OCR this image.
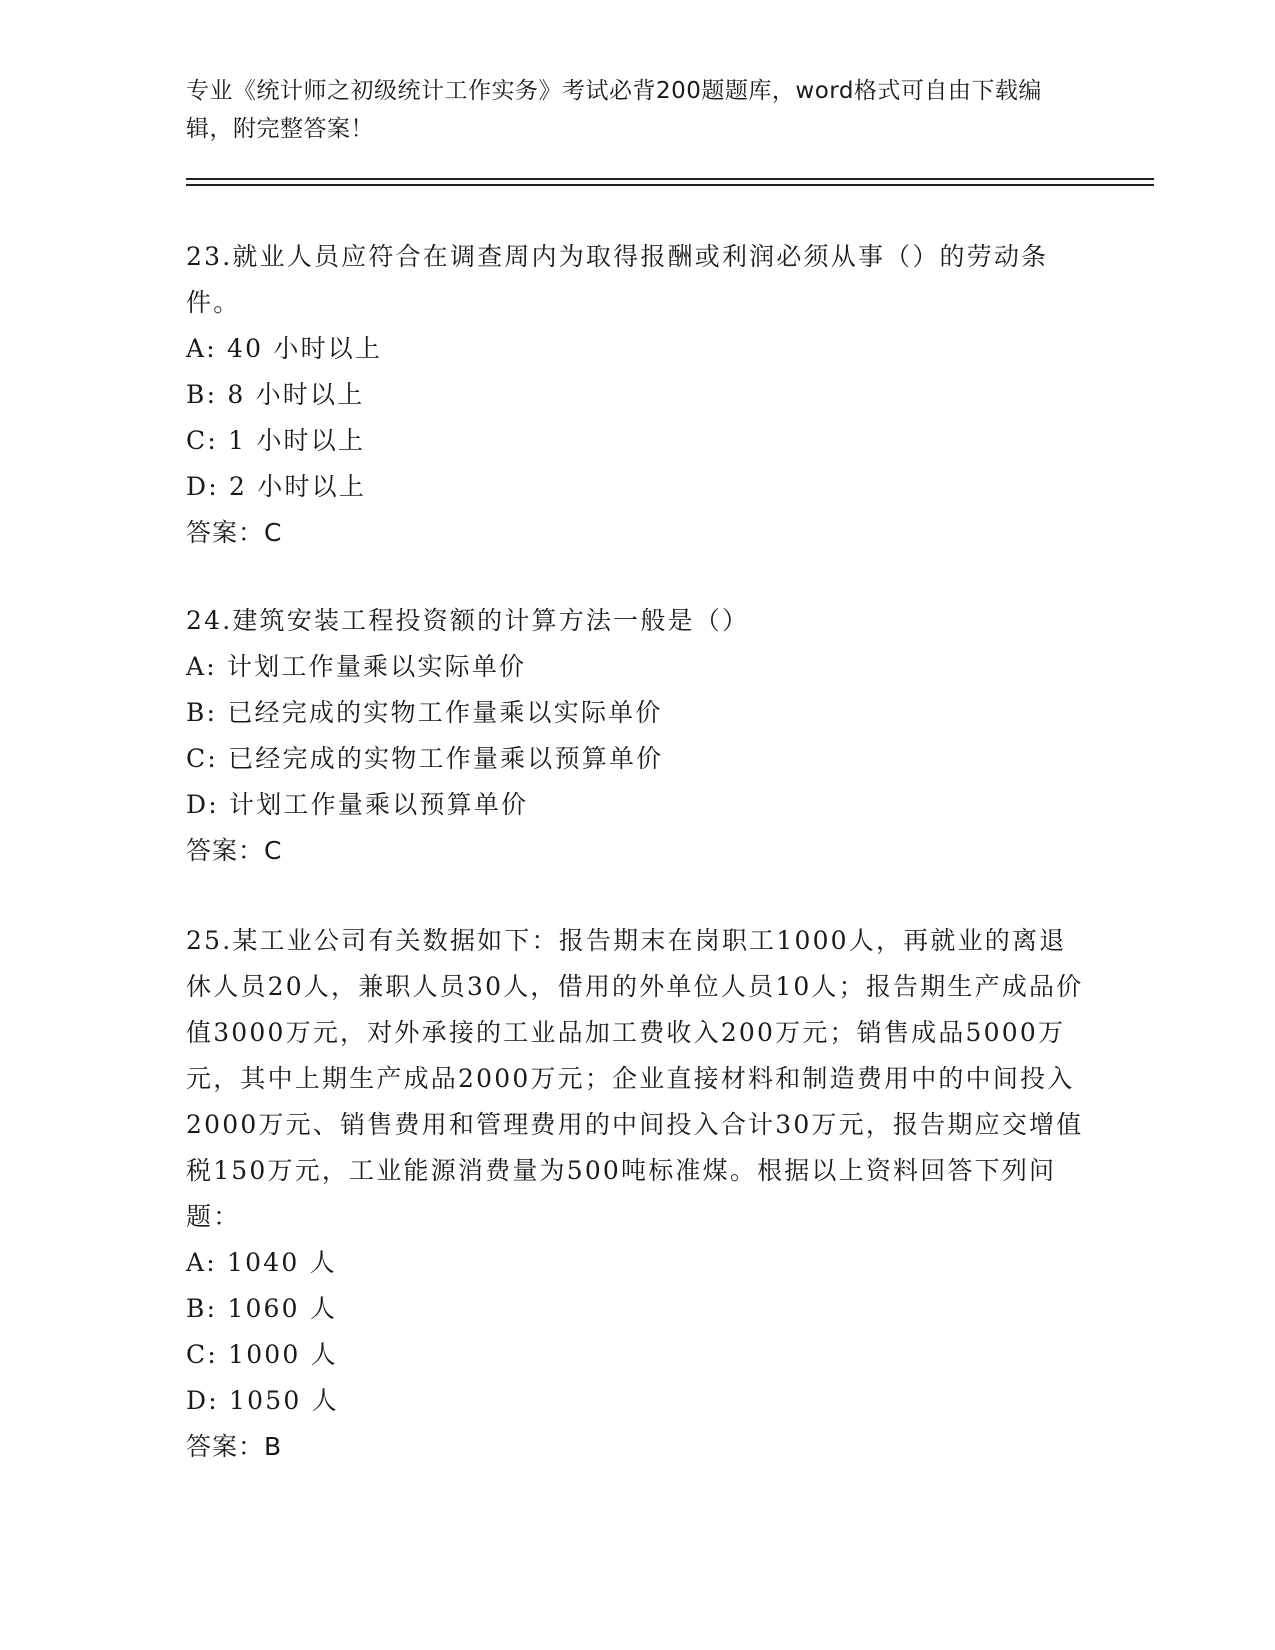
专业《统计师之初级统计工作实务》考试必背200题题库，word格式可自由下载编辑，附完整答案！

23.就业人员应符合在调查周内为取得报酬或利润必须从事（）的劳动条件。

A: 40 小时以上

B: 8 小时以上

C: 1 小时以上

D: 2 小时以上

答案：C

24.建筑安装工程投资额的计算方法一般是（）

A: 计划工作量乘以实际单价

B: 已经完成的实物工作量乘以实际单价

C: 已经完成的实物工作量乘以预算单价

D: 计划工作量乘以预算单价

答案：C

25.某工业公司有关数据如下：报告期末在岗职工1000人，再就业的离退休人员20人，兼职人员30人，借用的外单位人员10人；报告期生产成品价值3000万元，对外承接的工业品加工费收入200万元；销售成品5000万元，其中上期生产成品2000万元；企业直接材料和制造费用中的中间投入2000万元、销售费用和管理费用的中间投入合计30万元，报告期应交增值税150万元，工业能源消费量为500吨标准煤。根据以上资料回答下列问题：

A: 1040 人

B: 1060 人

C: 1000 人

D: 1050 人

答案：B
